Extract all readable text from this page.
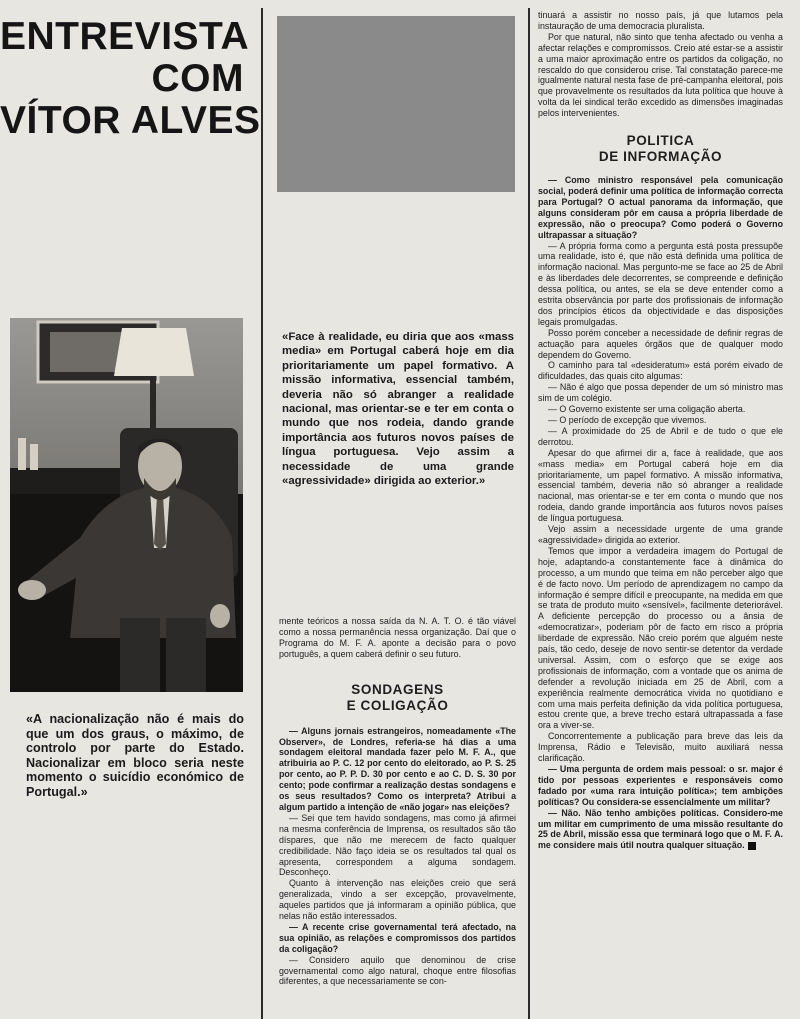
ENTREVISTA
COM
VÍTOR ALVES
«A nacionalização não é mais do que um dos graus, o máximo, de controlo por parte do Estado. Nacionalizar em bloco seria neste momento o suicídio económico de Portugal.»
«Face à realidade, eu diria que aos «mass media» em Portugal caberá hoje em dia prioritariamente um papel formativo. A missão informativa, essencial também, deveria não só abranger a realidade nacional, mas orientar-se e ter em conta o mundo que nos rodeia, dando grande importância aos futuros novos países de língua portuguesa. Vejo assim a necessidade de uma grande «agressividade» dirigida ao exterior.»

mente teóricos a nossa saída da N. A. T. O. é tão viável como a nossa permanência nessa organização. Daí que o Programa do M. F. A. aponte a decisão para o povo português, a quem caberá definir o seu futuro.

SONDAGENS
E COLIGAÇÃO

— Alguns jornais estrangeiros, nomeadamente «The Observer», de Londres, referia-se há dias a uma sondagem eleitoral mandada fazer pelo M. F. A., que atribuiria ao P. C. 12 por cento do eleitorado, ao P. S. 25 por cento, ao P. P. D. 30 por cento e ao C. D. S. 30 por cento; pode confirmar a realização destas sondagens e os seus resultados? Como os interpreta? Atribui a algum partido a intenção de «não jogar» nas eleições?

— Sei que tem havido sondagens, mas como já afirmei na mesma conferência de Imprensa, os resultados são tão díspares, que não me merecem de facto qualquer credibilidade. Não faço ideia se os resultados tal qual os apresenta, correspondem a alguma sondagem. Desconheço.

Quanto à intervenção nas eleições creio que será generalizada, vindo a ser excepção, provavelmente, aqueles partidos que já informaram a opinião pública, que nelas não estão interessados.

— A recente crise governamental terá afectado, na sua opinião, as relações e compromissos dos partidos da coligação?

— Considero aquilo que denominou de crise governamental como algo natural, choque entre filosofias diferentes, a que necessariamente se con-

tinuará a assistir no nosso país, já que lutamos pela instauração de uma democracia pluralista.

Por que natural, não sinto que tenha afectado ou venha a afectar relações e compromissos. Creio até estar-se a assistir a uma maior aproximação entre os partidos da coligação, no rescaldo do que considerou crise. Tal constatação parece-me igualmente natural nesta fase de pré-campanha eleitoral, pois que provavelmente os resultados da luta política que houve à volta da lei sindical terão excedido as dimensões imaginadas pelos intervenientes.

POLITICA
DE INFORMAÇÃO

— Como ministro responsável pela comunicação social, poderá definir uma política de informação correcta para Portugal? O actual panorama da informação, que alguns consideram pôr em causa a própria liberdade de expressão, não o preocupa? Como poderá o Governo ultrapassar a situação?

— A própria forma como a pergunta está posta pressupõe uma realidade, isto é, que não está definida uma política de informação nacional. Mas pergunto-me se face ao 25 de Abril e às liberdades dele decorrentes, se compreende e definição dessa política, ou antes, se ela se deve entender como a estrita observância por parte dos profissionais de informação dos princípios éticos da objectividade e das disposições legais promulgadas.

Posso porém conceber a necessidade de definir regras de actuação para aqueles órgãos que de qualquer modo dependem do Governo.

O caminho para tal «desideratum» está porém eivado de dificuldades, das quais cito algumas:

— Não é algo que possa depender de um só ministro mas sim de um colégio.

— O Governo existente ser uma coligação aberta.

— O período de excepção que vivemos.

— A proximidade do 25 de Abril e de tudo o que ele derrotou.

Apesar do que afirmei dir a, face à realidade, que aos «mass media» em Portugal caberá hoje em dia prioritariamente, um papel formativo. A missão informativa, essencial também, deveria não só abranger a realidade nacional, mas orientar-se e ter em conta o mundo que nos rodeia, dando grande importância aos futuros novos países de língua portuguesa.

Vejo assim a necessidade urgente de uma grande «agressividade» dirigida ao exterior.

Temos que impor a verdadeira imagem do Portugal de hoje, adaptando-a constantemente face à dinâmica do processo, a um mundo que teima em não perceber algo que é de facto novo. Um período de aprendizagem no campo da informação é sempre difícil e preocupante, na medida em que se trata de produto muito «sensível», facilmente deteriorável. A deficiente percepção do processo ou a ânsia de «democratizar», poderiam pôr de facto em risco a própria liberdade de expressão. Não creio porém que alguém neste país, tão cedo, deseje de novo sentir-se detentor da verdade universal. Assim, com o esforço que se exige aos profissionais de informação, com a vontade que os anima de defender a revolução iniciada em 25 de Abril, com a experiência realmente democrática vivida no quotidiano e com uma mais perfeita definição da vida política portuguesa, estou crente que, a breve trecho estará ultrapassada a fase ora a viver-se.

Concorrentemente a publicação para breve das leis da Imprensa, Rádio e Televisão, muito auxiliará nessa clarificação.

— Uma pergunta de ordem mais pessoal: o sr. major é tido por pessoas experientes e responsáveis como fadado por «uma rara intuição política»; tem ambições políticas? Ou considera-se essencialmente um militar?

— Não. Não tenho ambições políticas. Considero-me um militar em cumprimento de uma missão resultante do 25 de Abril, missão essa que terminará logo que o M. F. A. me considere mais útil noutra qualquer situação.
